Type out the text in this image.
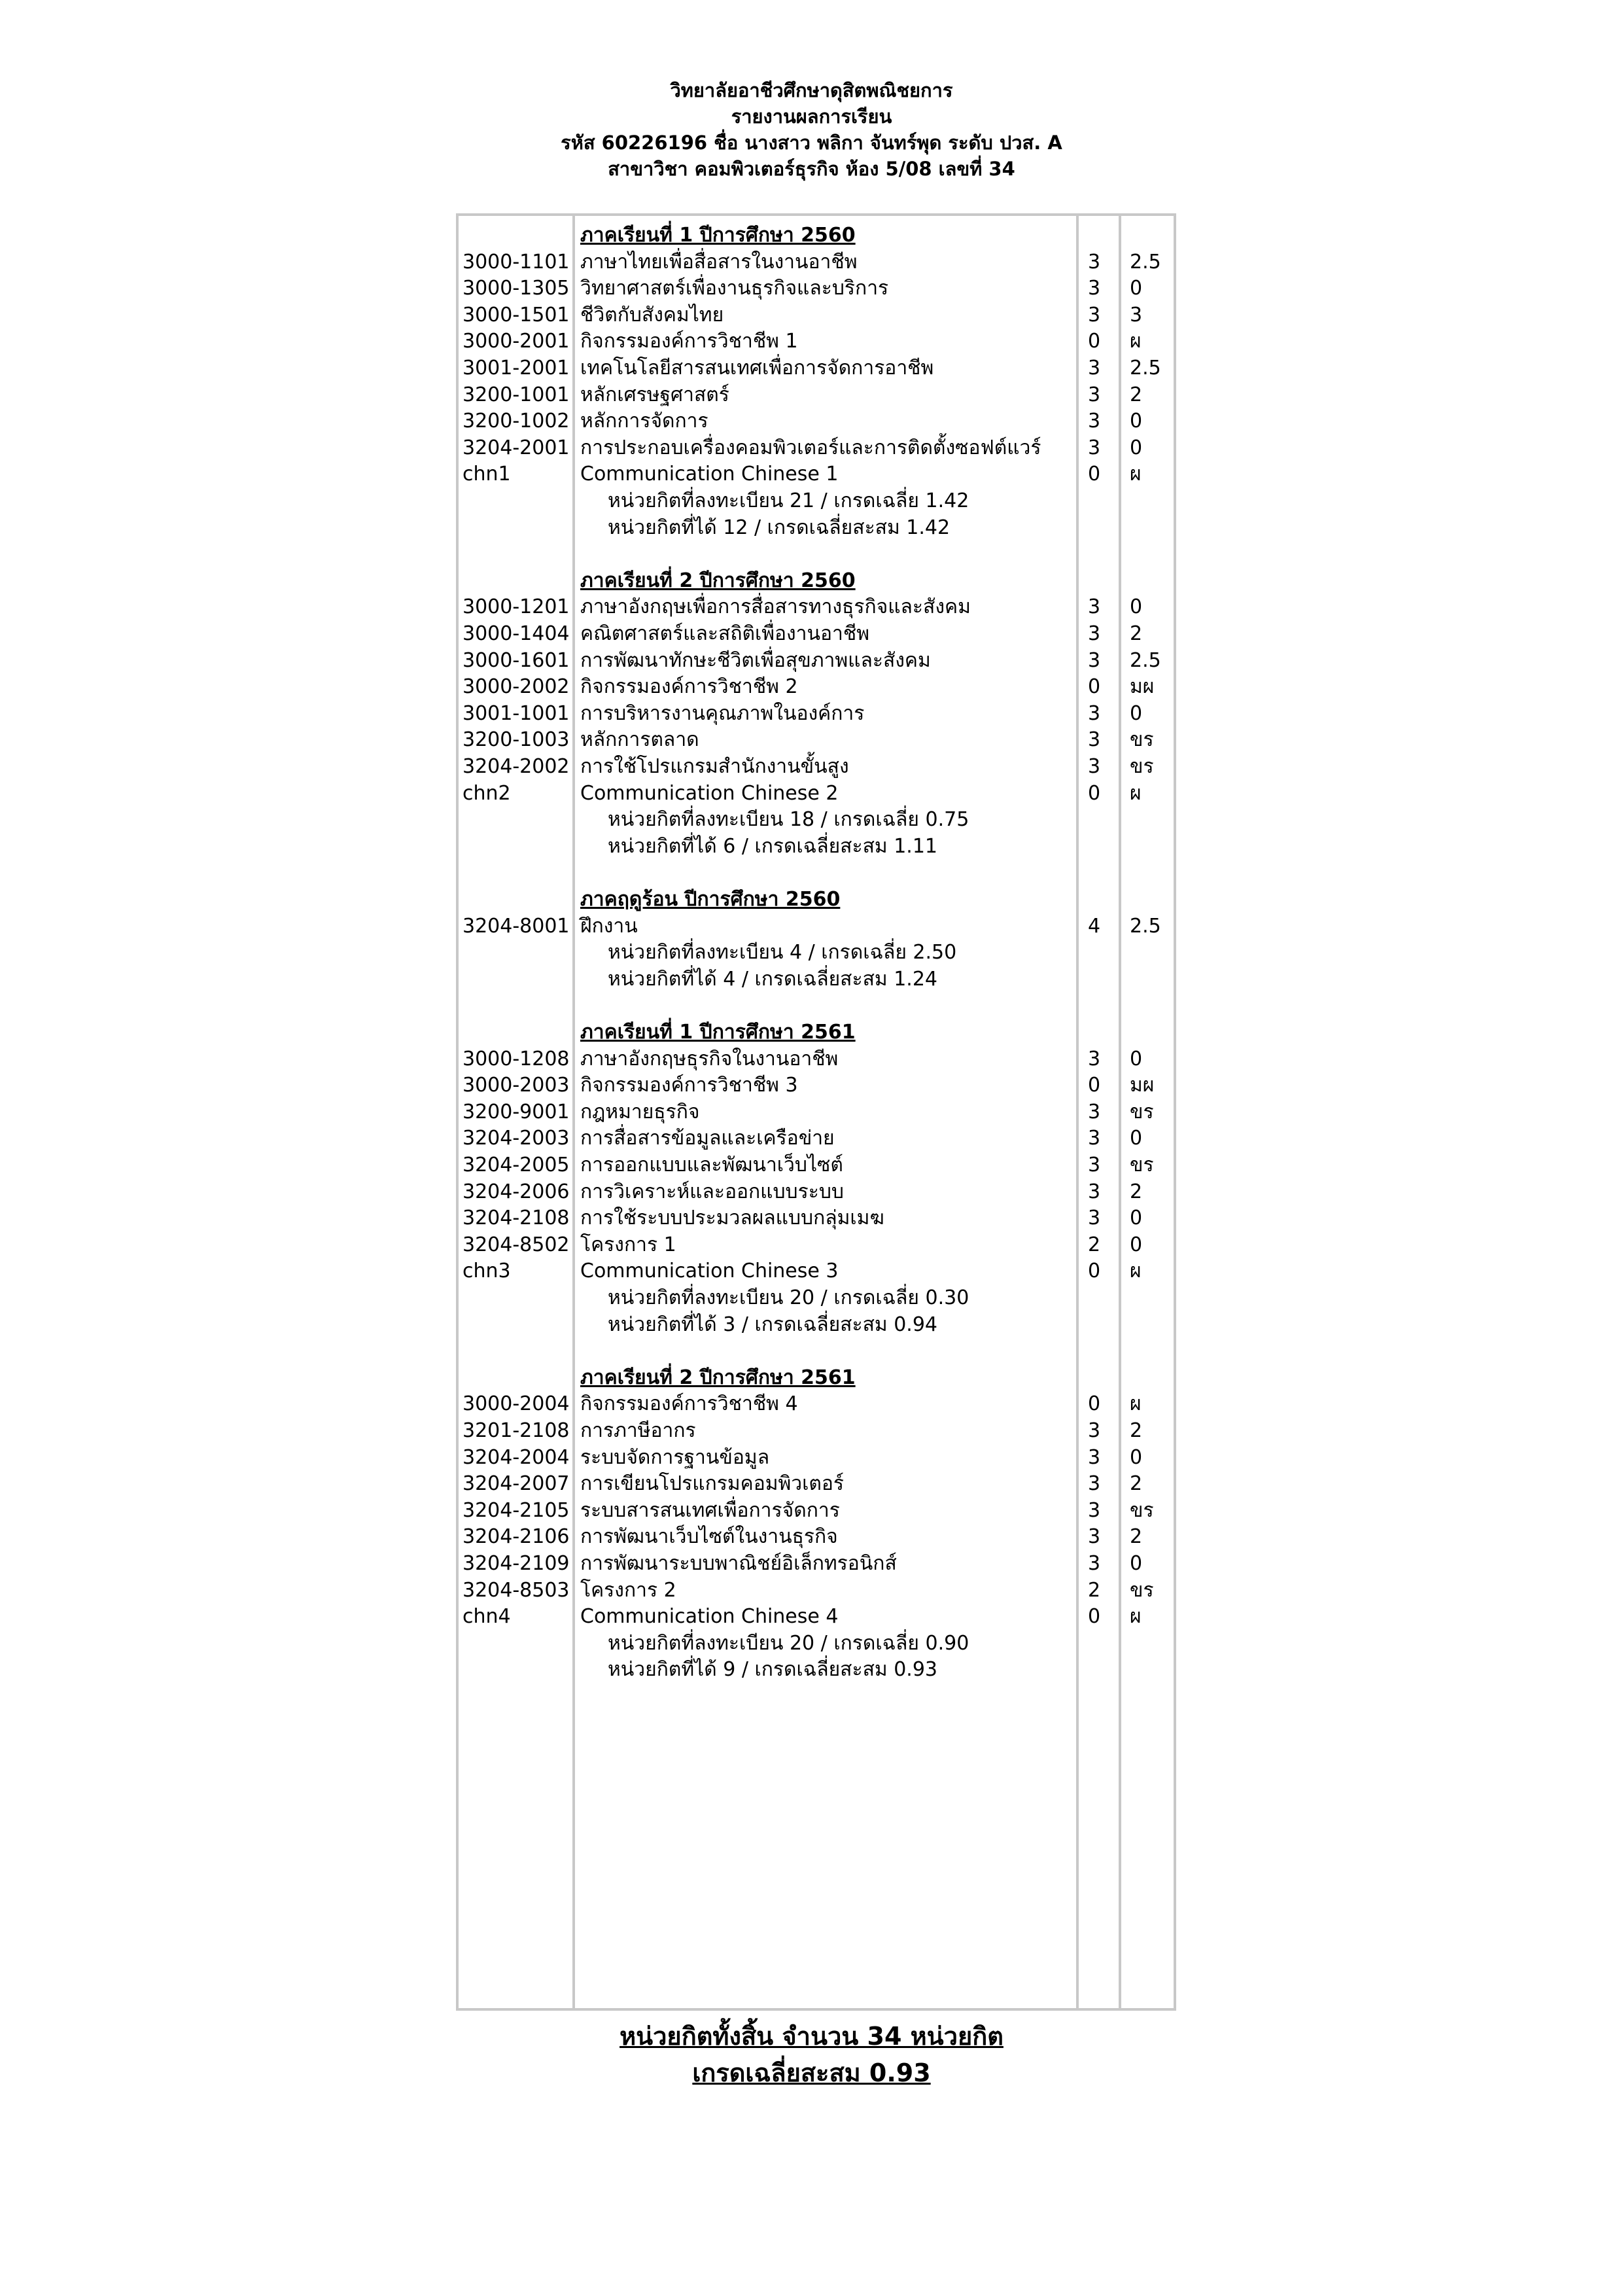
วิทยาลัยอาชีวศึกษาดุสิตพณิชยการ
รายงานผลการเรียน
รหัส 60226196 ชื่อ นางสาว พลิกา จันทร์พุด ระดับ ปวส. A
สาขาวิชา คอมพิวเตอร์ธุรกิจ ห้อง 5/08 เลขที่ 34
ภาคเรียนที่ 1 ปีการศึกษา 2560
3000-1101 ภาษาไทยเพื่อสื่อสารในงานอาชีพ	3 2.5
3000-1305 วิทยาศาสตร์เพื่องานธุรกิจและบริการ	3 0
3000-1501 ชีวิตกับสังคมไทย	3 3
3000-2001 กิจกรรมองค์การวิชาชีพ 1	0 ผ
3001-2001 เทคโนโลยีสารสนเทศเพื่อการจัดการอาชีพ	3 2.5
3200-1001 หลักเศรษฐศาสตร์	3 2
3200-1002 หลักการจัดการ	3 0
3204-2001 การประกอบเครื่องคอมพิวเตอร์และการติดตั้งซอฟต์แวร์ 3 0
chn1	Communication Chinese 1	0 ผ
หน่วยกิตที่ลงทะเบียน 21 / เกรดเฉลี่ย 1.42
หน่วยกิตที่ได้ 12 / เกรดเฉลี่ยสะสม 1.42
ภาคเรียนที่ 2 ปีการศึกษา 2560
3000-1201 ภาษาอังกฤษเพื่อการสื่อสารทางธุรกิจและสังคม	3 0
3000-1404 คณิตศาสตร์และสถิติเพื่องานอาชีพ	3 2
3000-1601 การพัฒนาทักษะชีวิตเพื่อสุขภาพและสังคม	3 2.5
3000-2002 กิจกรรมองค์การวิชาชีพ 2	0 มผ
3001-1001 การบริหารงานคุณภาพในองค์การ	3 0
3200-1003 หลักการตลาด	3 ขร
3204-2002 การใช้โปรแกรมสำนักงานขั้นสูง	3 ขร
chn2	Communication Chinese 2	0 ผ
หน่วยกิตที่ลงทะเบียน 18 / เกรดเฉลี่ย 0.75
หน่วยกิตที่ได้ 6 / เกรดเฉลี่ยสะสม 1.11
ภาคฤดูร้อน ปีการศึกษา 2560
3204-8001 ฝึกงาน	4 2.5
หน่วยกิตที่ลงทะเบียน 4 / เกรดเฉลี่ย 2.50
หน่วยกิตที่ได้ 4 / เกรดเฉลี่ยสะสม 1.24
ภาคเรียนที่ 1 ปีการศึกษา 2561
3000-1208 ภาษาอังกฤษธุรกิจในงานอาชีพ	3 0
3000-2003 กิจกรรมองค์การวิชาชีพ 3	0 มผ
3200-9001 กฎหมายธุรกิจ	3 ขร
3204-2003 การสื่อสารข้อมูลและเครือข่าย	3 0
3204-2005 การออกแบบและพัฒนาเว็บไซต์	3 ขร
3204-2006 การวิเคราะห์และออกแบบระบบ	3 2
3204-2108 การใช้ระบบประมวลผลแบบกลุ่มเมฆ	3 0
3204-8502 โครงการ 1	2 0
chn3	Communication Chinese 3	0 ผ
หน่วยกิตที่ลงทะเบียน 20 / เกรดเฉลี่ย 0.30
หน่วยกิตที่ได้ 3 / เกรดเฉลี่ยสะสม 0.94
ภาคเรียนที่ 2 ปีการศึกษา 2561
3000-2004 กิจกรรมองค์การวิชาชีพ 4	0 ผ
3201-2108 การภาษีอากร	3 2
3204-2004 ระบบจัดการฐานข้อมูล	3 0
3204-2007 การเขียนโปรแกรมคอมพิวเตอร์	3 2
3204-2105 ระบบสารสนเทศเพื่อการจัดการ	3 ขร
3204-2106 การพัฒนาเว็บไซต์ในงานธุรกิจ	3 2
3204-2109 การพัฒนาระบบพาณิชย์อิเล็กทรอนิกส์	3 0
3204-8503 โครงการ 2	2 ขร
chn4	Communication Chinese 4	0 ผ
หน่วยกิตที่ลงทะเบียน 20 / เกรดเฉลี่ย 0.90
หน่วยกิตที่ได้ 9 / เกรดเฉลี่ยสะสม 0.93
หน่วยกิตทั้งสิ้น จำนวน 34 หน่วยกิต
เกรดเฉลี่ยสะสม 0.93
